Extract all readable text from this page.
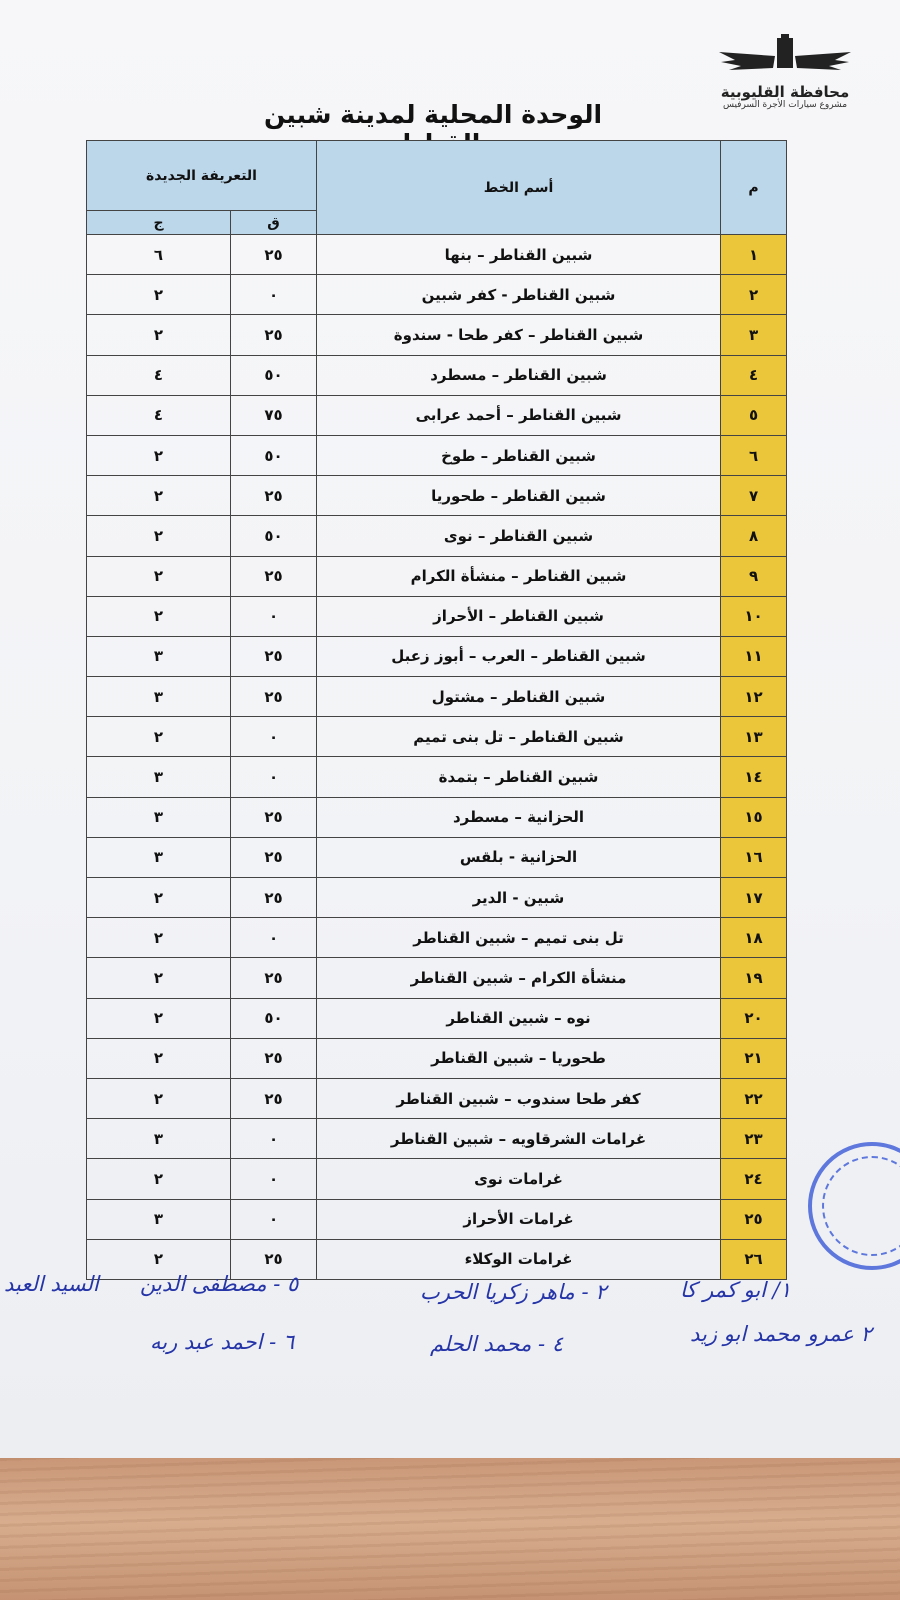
محافظة القليوبية
مشروع سيارات الأجرة السرفيس
الوحدة المحلية لمدينة شبين
م	أسم الخط	التعريفة الجديدة	
		ق	ج
١	شبين القناطر – بنها	٢٥	٦
٢	شبين القناطر - كفر شبين	٠	٢
٣	شبين القناطر – كفر طحا - سندوة	٢٥	٢
٤	شبين القناطر – مسطرد	٥٠	٤
٥	شبين القناطر – أحمد عرابى	٧٥	٤
٦	شبين القناطر – طوخ	٥٠	٢
٧	شبين القناطر – طحوريا	٢٥	٢
٨	شبين القناطر – نوى	٥٠	٢
٩	شبين القناطر – منشأة الكرام	٢٥	٢
١٠	شبين القناطر – الأحراز	٠	٢
١١	شبين القناطر – العرب – أبوز زعبل	٢٥	٣
١٢	شبين القناطر – مشتول	٢٥	٣
١٣	شبين القناطر – تل بنى تميم	٠	٢
١٤	شبين القناطر – بتمدة	٠	٣
١٥	الحزانية – مسطرد	٢٥	٣
١٦	الحزانية - بلقس	٢٥	٣
١٧	شبين - الدير	٢٥	٢
١٨	تل بنى تميم – شبين القناطر	٠	٢
١٩	منشأة الكرام – شبين القناطر	٢٥	٢
٢٠	نوه – شبين القناطر	٥٠	٢
٢١	طحوريا – شبين القناطر	٢٥	٢
٢٢	كفر طحا سندوب – شبين القناطر	٢٥	٢
٢٣	غرامات الشرقاويه – شبين القناطر	٠	٣
٢٤	غرامات نوى	٠	٢
٢٥	غرامات الأحراز	٠	٣
٢٦	غرامات الوكلاء	٢٥	٢
١/ ابو كمر كا
٢ عمرو محمد ابو زيد
٢ - ماهر زكريا الحرب
٤ - محمد الحلم
٥ - مصطفى الدين
٦ - احمد عبد ربه
السيد العبد
